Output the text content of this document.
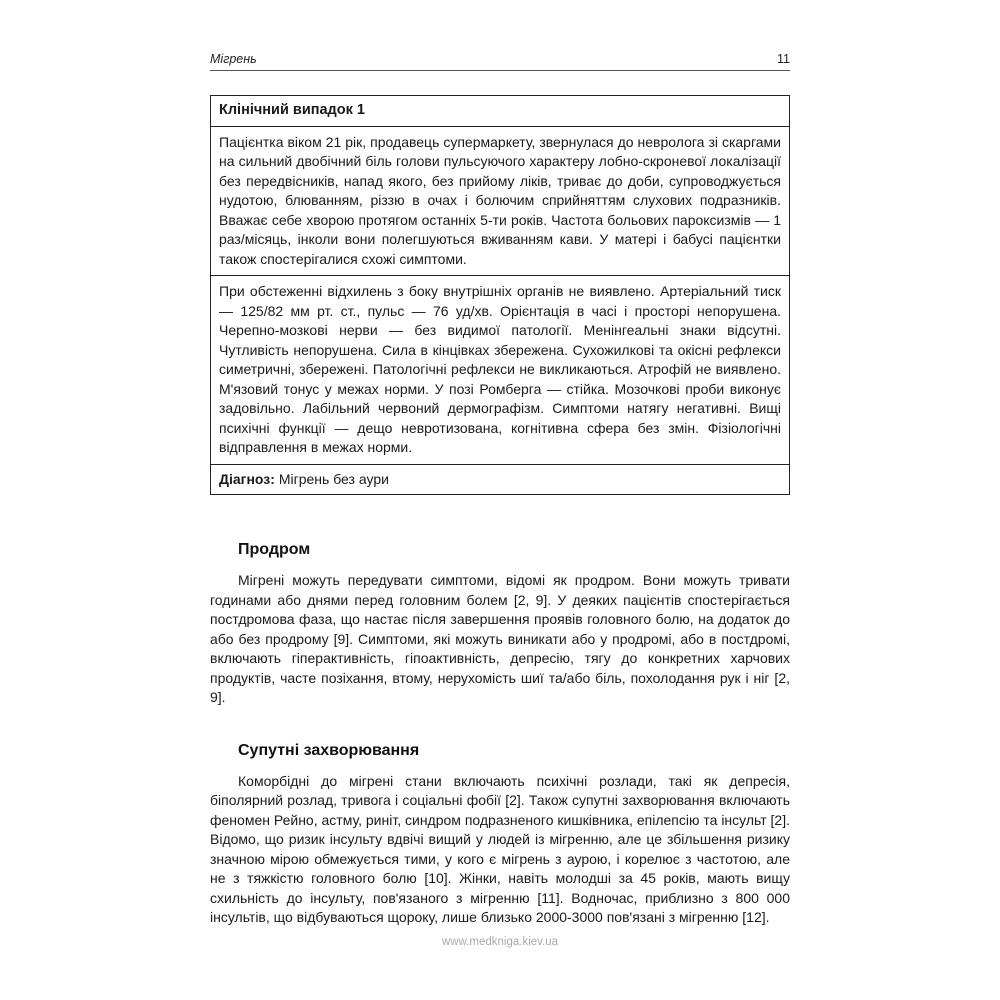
Мігрень	11
Клінічний випадок 1
Пацієнтка віком 21 рік, продавець супермаркету, звернулася до невролога зі скаргами на сильний двобічний біль голови пульсуючого характеру лобно-скроневої локалізації без передвісників, напад якого, без прийому ліків, триває до доби, супроводжується нудотою, блюванням, різзю в очах і болючим сприйняттям слухових подразників. Вважає себе хворою протягом останніх 5-ти років. Частота больових пароксизмів — 1 раз/місяць, інколи вони полегшуються вживанням кави. У матері і бабусі пацієнтки також спостерігалися схожі симптоми.
При обстеженні відхилень з боку внутрішніх органів не виявлено. Артеріальний тиск — 125/82 мм рт. ст., пульс — 76 уд/хв. Орієнтація в часі і просторі непорушена. Черепно-мозкові нерви — без видимої патології. Менінгеальні знаки відсутні. Чутливість непорушена. Сила в кінцівках збережена. Сухожилкові та окісні рефлекси симетричні, збережені. Патологічні рефлекси не викликаються. Атрофій не виявлено. М'язовий тонус у межах норми. У позі Ромберга — стійка. Мозочкові проби виконує задовільно. Лабільний червоний дермографізм. Симптоми натягу негативні. Вищі психічні функції — дещо невротизована, когнітивна сфера без змін. Фізіологічні відправлення в межах норми.
Діагноз: Мігрень без аури
Продром

Мігрені можуть передувати симптоми, відомі як продром. Вони можуть тривати годинами або днями перед головним болем [2, 9]. У деяких пацієнтів спостерігається постдромова фаза, що настає після завершення проявів головного болю, на додаток до або без продрому [9]. Симптоми, які можуть виникати або у продромі, або в постдромі, включають гіперактивність, гіпоактивність, депресію, тягу до конкретних харчових продуктів, часте позіхання, втому, нерухомість шиї та/або біль, похолодання рук і ніг [2, 9].

Супутні захворювання

Коморбідні до мігрені стани включають психічні розлади, такі як депресія, біполярний розлад, тривога і соціальні фобії [2]. Також супутні захворювання включають феномен Рейно, астму, риніт, синдром подразненого кишківника, епілепсію та інсульт [2]. Відомо, що ризик інсульту вдвічі вищий у людей із мігренню, але це збільшення ризику значною мірою обмежується тими, у кого є мігрень з аурою, і корелює з частотою, але не з тяжкістю головного болю [10]. Жінки, навіть молодші за 45 років, мають вищу схильність до інсульту, пов'язаного з мігренню [11]. Водночас, приблизно з 800 000 інсультів, що відбуваються щороку, лише близько 2000-3000 пов'язані з мігренню [12].

www.medkniga.kiev.ua
